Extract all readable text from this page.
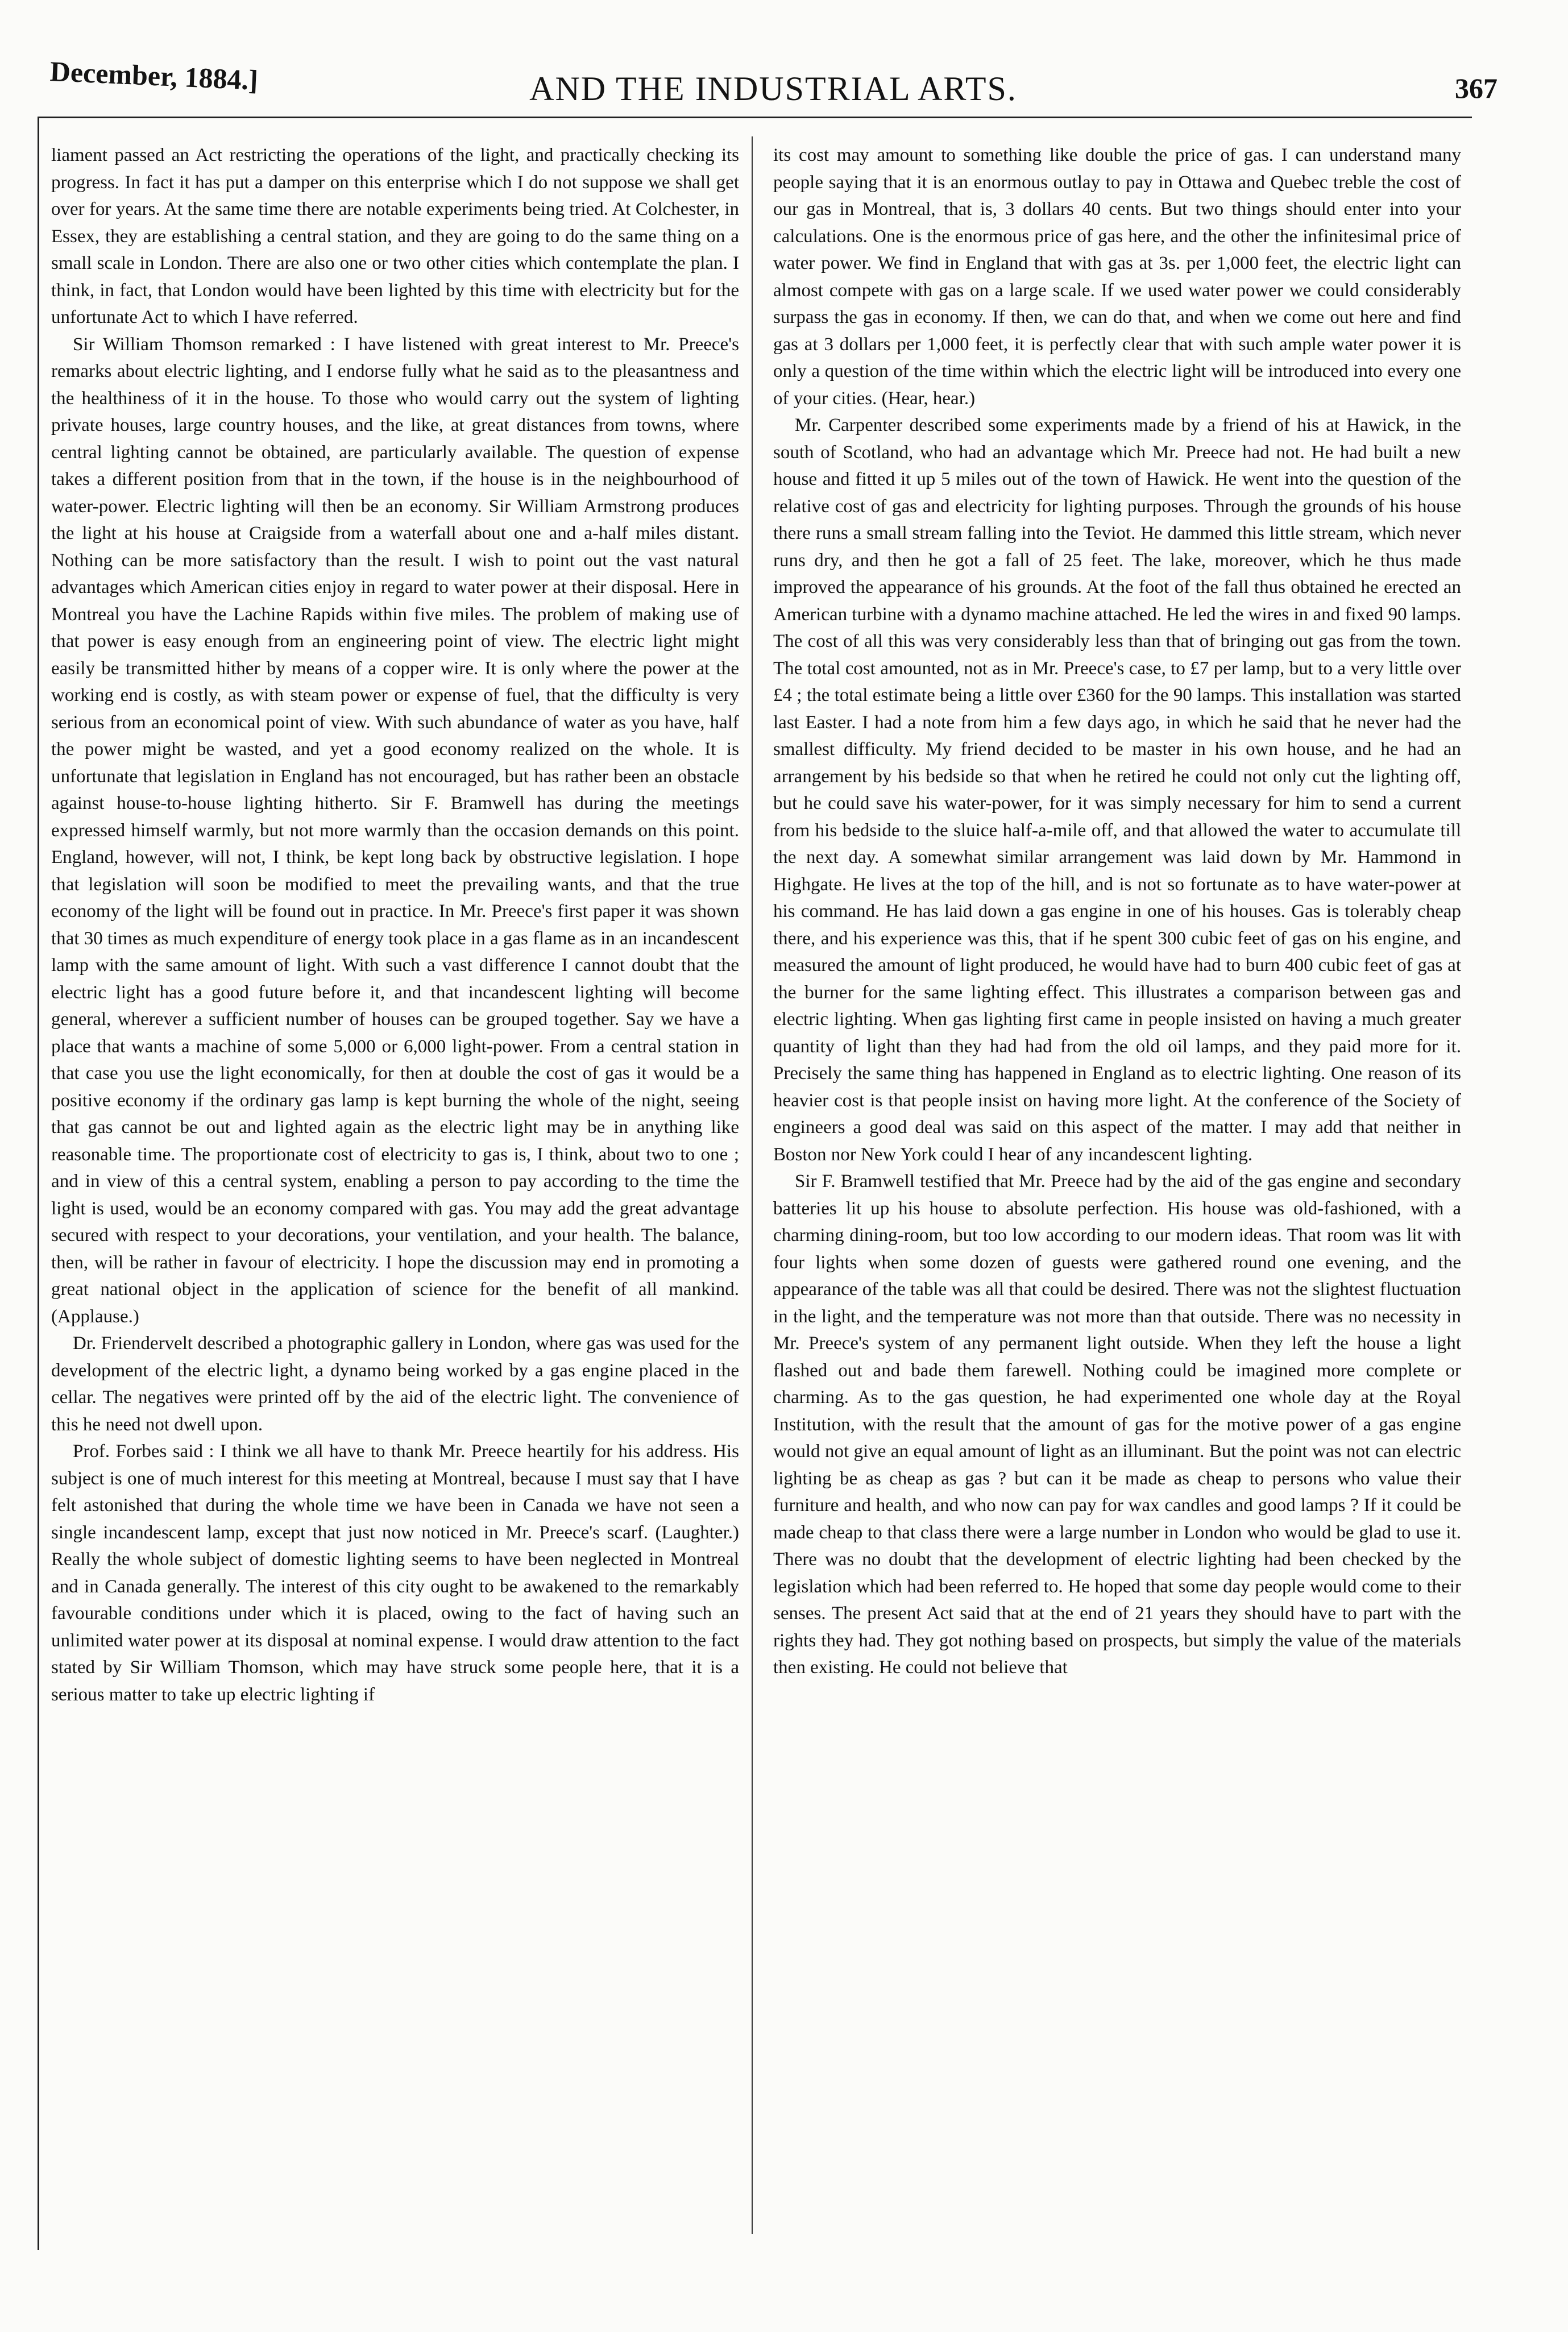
December, 1884.]	AND THE INDUSTRIAL ARTS.	367

liament passed an Act restricting the operations of the light, and practically checking its progress. In fact it has put a damper on this enterprise which I do not suppose we shall get over for years. At the same time there are notable experiments being tried. At Colchester, in Essex, they are establishing a central station, and they are going to do the same thing on a small scale in London. There are also one or two other cities which contemplate the plan. I think, in fact, that London would have been lighted by this time with electricity but for the unfortunate Act to which I have referred.

Sir William Thomson remarked : I have listened with great interest to Mr. Preece's remarks about electric lighting, and I endorse fully what he said as to the pleasantness and the healthiness of it in the house. To those who would carry out the system of lighting private houses, large country houses, and the like, at great distances from towns, where central lighting cannot be obtained, are particularly available. The question of expense takes a different position from that in the town, if the house is in the neighbourhood of water-power. Electric lighting will then be an economy. Sir William Armstrong produces the light at his house at Craigside from a waterfall about one and a-half miles distant. Nothing can be more satisfactory than the result. I wish to point out the vast natural advantages which American cities enjoy in regard to water power at their disposal. Here in Montreal you have the Lachine Rapids within five miles. The problem of making use of that power is easy enough from an engineering point of view. The electric light might easily be transmitted hither by means of a copper wire. It is only where the power at the working end is costly, as with steam power or expense of fuel, that the difficulty is very serious from an economical point of view. With such abundance of water as you have, half the power might be wasted, and yet a good economy realized on the whole. It is unfortunate that legislation in England has not encouraged, but has rather been an obstacle against house-to-house lighting hitherto. Sir F. Bramwell has during the meetings expressed himself warmly, but not more warmly than the occasion demands on this point. England, however, will not, I think, be kept long back by obstructive legislation. I hope that legislation will soon be modified to meet the prevailing wants, and that the true economy of the light will be found out in practice. In Mr. Preece's first paper it was shown that 30 times as much expenditure of energy took place in a gas flame as in an incandescent lamp with the same amount of light. With such a vast difference I cannot doubt that the electric light has a good future before it, and that incandescent lighting will become general, wherever a sufficient number of houses can be grouped together. Say we have a place that wants a machine of some 5,000 or 6,000 light-power. From a central station in that case you use the light economically, for then at double the cost of gas it would be a positive economy if the ordinary gas lamp is kept burning the whole of the night, seeing that gas cannot be out and lighted again as the electric light may be in anything like reasonable time. The proportionate cost of electricity to gas is, I think, about two to one ; and in view of this a central system, enabling a person to pay according to the time the light is used, would be an economy compared with gas. You may add the great advantage secured with respect to your decorations, your ventilation, and your health. The balance, then, will be rather in favour of electricity. I hope the discussion may end in promoting a great national object in the application of science for the benefit of all mankind. (Applause.)

Dr. Friendervelt described a photographic gallery in London, where gas was used for the development of the electric light, a dynamo being worked by a gas engine placed in the cellar. The negatives were printed off by the aid of the electric light. The convenience of this he need not dwell upon.

Prof. Forbes said : I think we all have to thank Mr. Preece heartily for his address. His subject is one of much interest for this meeting at Montreal, because I must say that I have felt astonished that during the whole time we have been in Canada we have not seen a single incandescent lamp, except that just now noticed in Mr. Preece's scarf. (Laughter.) Really the whole subject of domestic lighting seems to have been neglected in Montreal and in Canada generally. The interest of this city ought to be awakened to the remarkably favourable conditions under which it is placed, owing to the fact of having such an unlimited water power at its disposal at nominal expense. I would draw attention to the fact stated by Sir William Thomson, which may have struck some people here, that it is a serious matter to take up electric lighting if

its cost may amount to something like double the price of gas. I can understand many people saying that it is an enormous outlay to pay in Ottawa and Quebec treble the cost of our gas in Montreal, that is, 3 dollars 40 cents. But two things should enter into your calculations. One is the enormous price of gas here, and the other the infinitesimal price of water power. We find in England that with gas at 3s. per 1,000 feet, the electric light can almost compete with gas on a large scale. If we used water power we could considerably surpass the gas in economy. If then, we can do that, and when we come out here and find gas at 3 dollars per 1,000 feet, it is perfectly clear that with such ample water power it is only a question of the time within which the electric light will be introduced into every one of your cities. (Hear, hear.)

Mr. Carpenter described some experiments made by a friend of his at Hawick, in the south of Scotland, who had an advantage which Mr. Preece had not. He had built a new house and fitted it up 5 miles out of the town of Hawick. He went into the question of the relative cost of gas and electricity for lighting purposes. Through the grounds of his house there runs a small stream falling into the Teviot. He dammed this little stream, which never runs dry, and then he got a fall of 25 feet. The lake, moreover, which he thus made improved the appearance of his grounds. At the foot of the fall thus obtained he erected an American turbine with a dynamo machine attached. He led the wires in and fixed 90 lamps. The cost of all this was very considerably less than that of bringing out gas from the town. The total cost amounted, not as in Mr. Preece's case, to £7 per lamp, but to a very little over £4 ; the total estimate being a little over £360 for the 90 lamps. This installation was started last Easter. I had a note from him a few days ago, in which he said that he never had the smallest difficulty. My friend decided to be master in his own house, and he had an arrangement by his bedside so that when he retired he could not only cut the lighting off, but he could save his water-power, for it was simply necessary for him to send a current from his bedside to the sluice half-a-mile off, and that allowed the water to accumulate till the next day. A somewhat similar arrangement was laid down by Mr. Hammond in Highgate. He lives at the top of the hill, and is not so fortunate as to have water-power at his command. He has laid down a gas engine in one of his houses. Gas is tolerably cheap there, and his experience was this, that if he spent 300 cubic feet of gas on his engine, and measured the amount of light produced, he would have had to burn 400 cubic feet of gas at the burner for the same lighting effect. This illustrates a comparison between gas and electric lighting. When gas lighting first came in people insisted on having a much greater quantity of light than they had had from the old oil lamps, and they paid more for it. Precisely the same thing has happened in England as to electric lighting. One reason of its heavier cost is that people insist on having more light. At the conference of the Society of engineers a good deal was said on this aspect of the matter. I may add that neither in Boston nor New York could I hear of any incandescent lighting.

Sir F. Bramwell testified that Mr. Preece had by the aid of the gas engine and secondary batteries lit up his house to absolute perfection. His house was old-fashioned, with a charming dining-room, but too low according to our modern ideas. That room was lit with four lights when some dozen of guests were gathered round one evening, and the appearance of the table was all that could be desired. There was not the slightest fluctuation in the light, and the temperature was not more than that outside. There was no necessity in Mr. Preece's system of any permanent light outside. When they left the house a light flashed out and bade them farewell. Nothing could be imagined more complete or charming. As to the gas question, he had experimented one whole day at the Royal Institution, with the result that the amount of gas for the motive power of a gas engine would not give an equal amount of light as an illuminant. But the point was not can electric lighting be as cheap as gas ? but can it be made as cheap to persons who value their furniture and health, and who now can pay for wax candles and good lamps ? If it could be made cheap to that class there were a large number in London who would be glad to use it. There was no doubt that the development of electric lighting had been checked by the legislation which had been referred to. He hoped that some day people would come to their senses. The present Act said that at the end of 21 years they should have to part with the rights they had. They got nothing based on prospects, but simply the value of the materials then existing. He could not believe that
